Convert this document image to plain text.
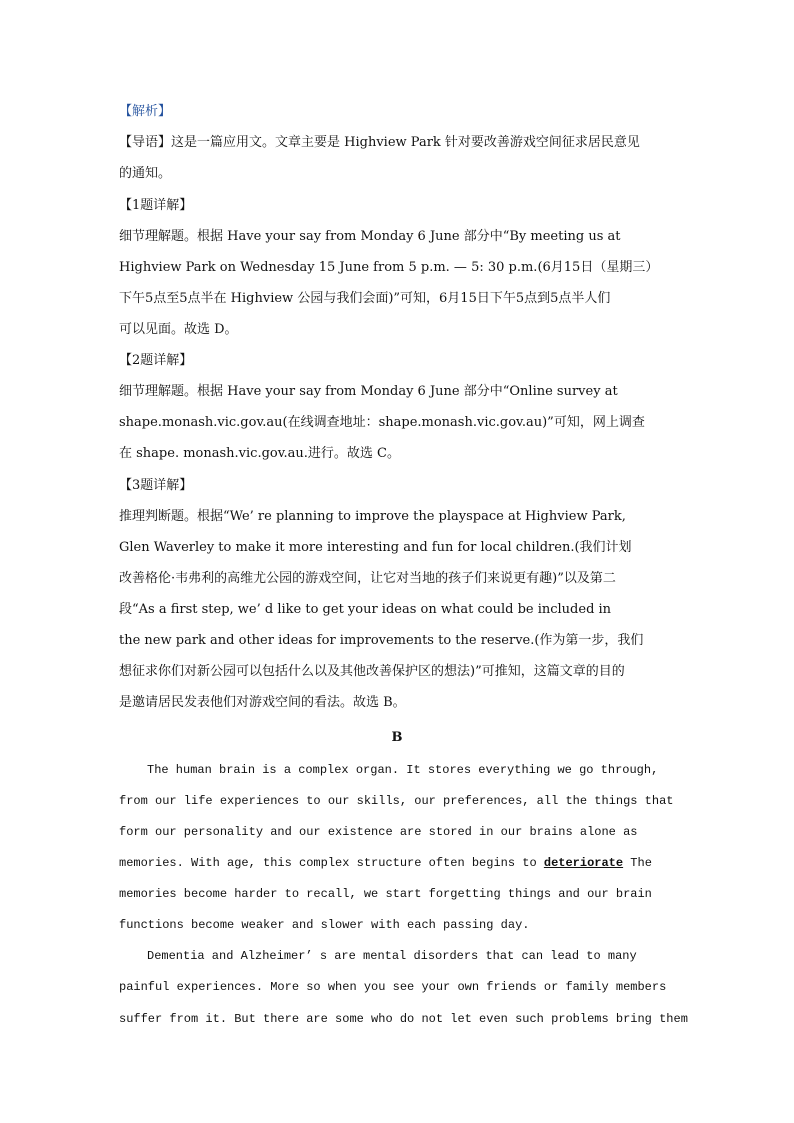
【解析】
【导语】这是一篇应用文。文章主要是 Highview Park 针对要改善游戏空间征求居民意见
的通知。
【1题详解】
细节理解题。根据 Have your say from Monday 6 June 部分中“By meeting us at
Highview Park on Wednesday 15 June from 5 p.m. — 5: 30 p.m.(6月15日（星期三）
下午5点至5点半在 Highview 公园与我们会面)”可知，6月15日下午5点到5点半人们
可以见面。故选 D。
【2题详解】
细节理解题。根据 Have your say from Monday 6 June 部分中“Online survey at
shape.monash.vic.gov.au(在线调查地址：shape.monash.vic.gov.au)”可知，网上调查
在 shape. monash.vic.gov.au.进行。故选 C。
【3题详解】
推理判断题。根据“We’ re planning to improve the playspace at Highview Park,
Glen Waverley to make it more interesting and fun for local children.(我们计划
改善格伦·韦弗利的高维尤公园的游戏空间，让它对当地的孩子们来说更有趣)”以及第二
段“As a first step, we’ d like to get your ideas on what could be included in
the new park and other ideas for improvements to the reserve.(作为第一步，我们
想征求你们对新公园可以包括什么以及其他改善保护区的想法)”可推知，这篇文章的目的
是邀请居民发表他们对游戏空间的看法。故选 B。
B
The human brain is a complex organ. It stores everything we go through,
from our life experiences to our skills, our preferences, all the things that
form our personality and our existence are stored in our brains alone as
memories. With age, this complex structure often begins to deteriorate The
memories become harder to recall, we start forgetting things and our brain
functions become weaker and slower with each passing day.
Dementia and Alzheimer’ s are mental disorders that can lead to many
painful experiences. More so when you see your own friends or family members
suffer from it. But there are some who do not let even such problems bring them
